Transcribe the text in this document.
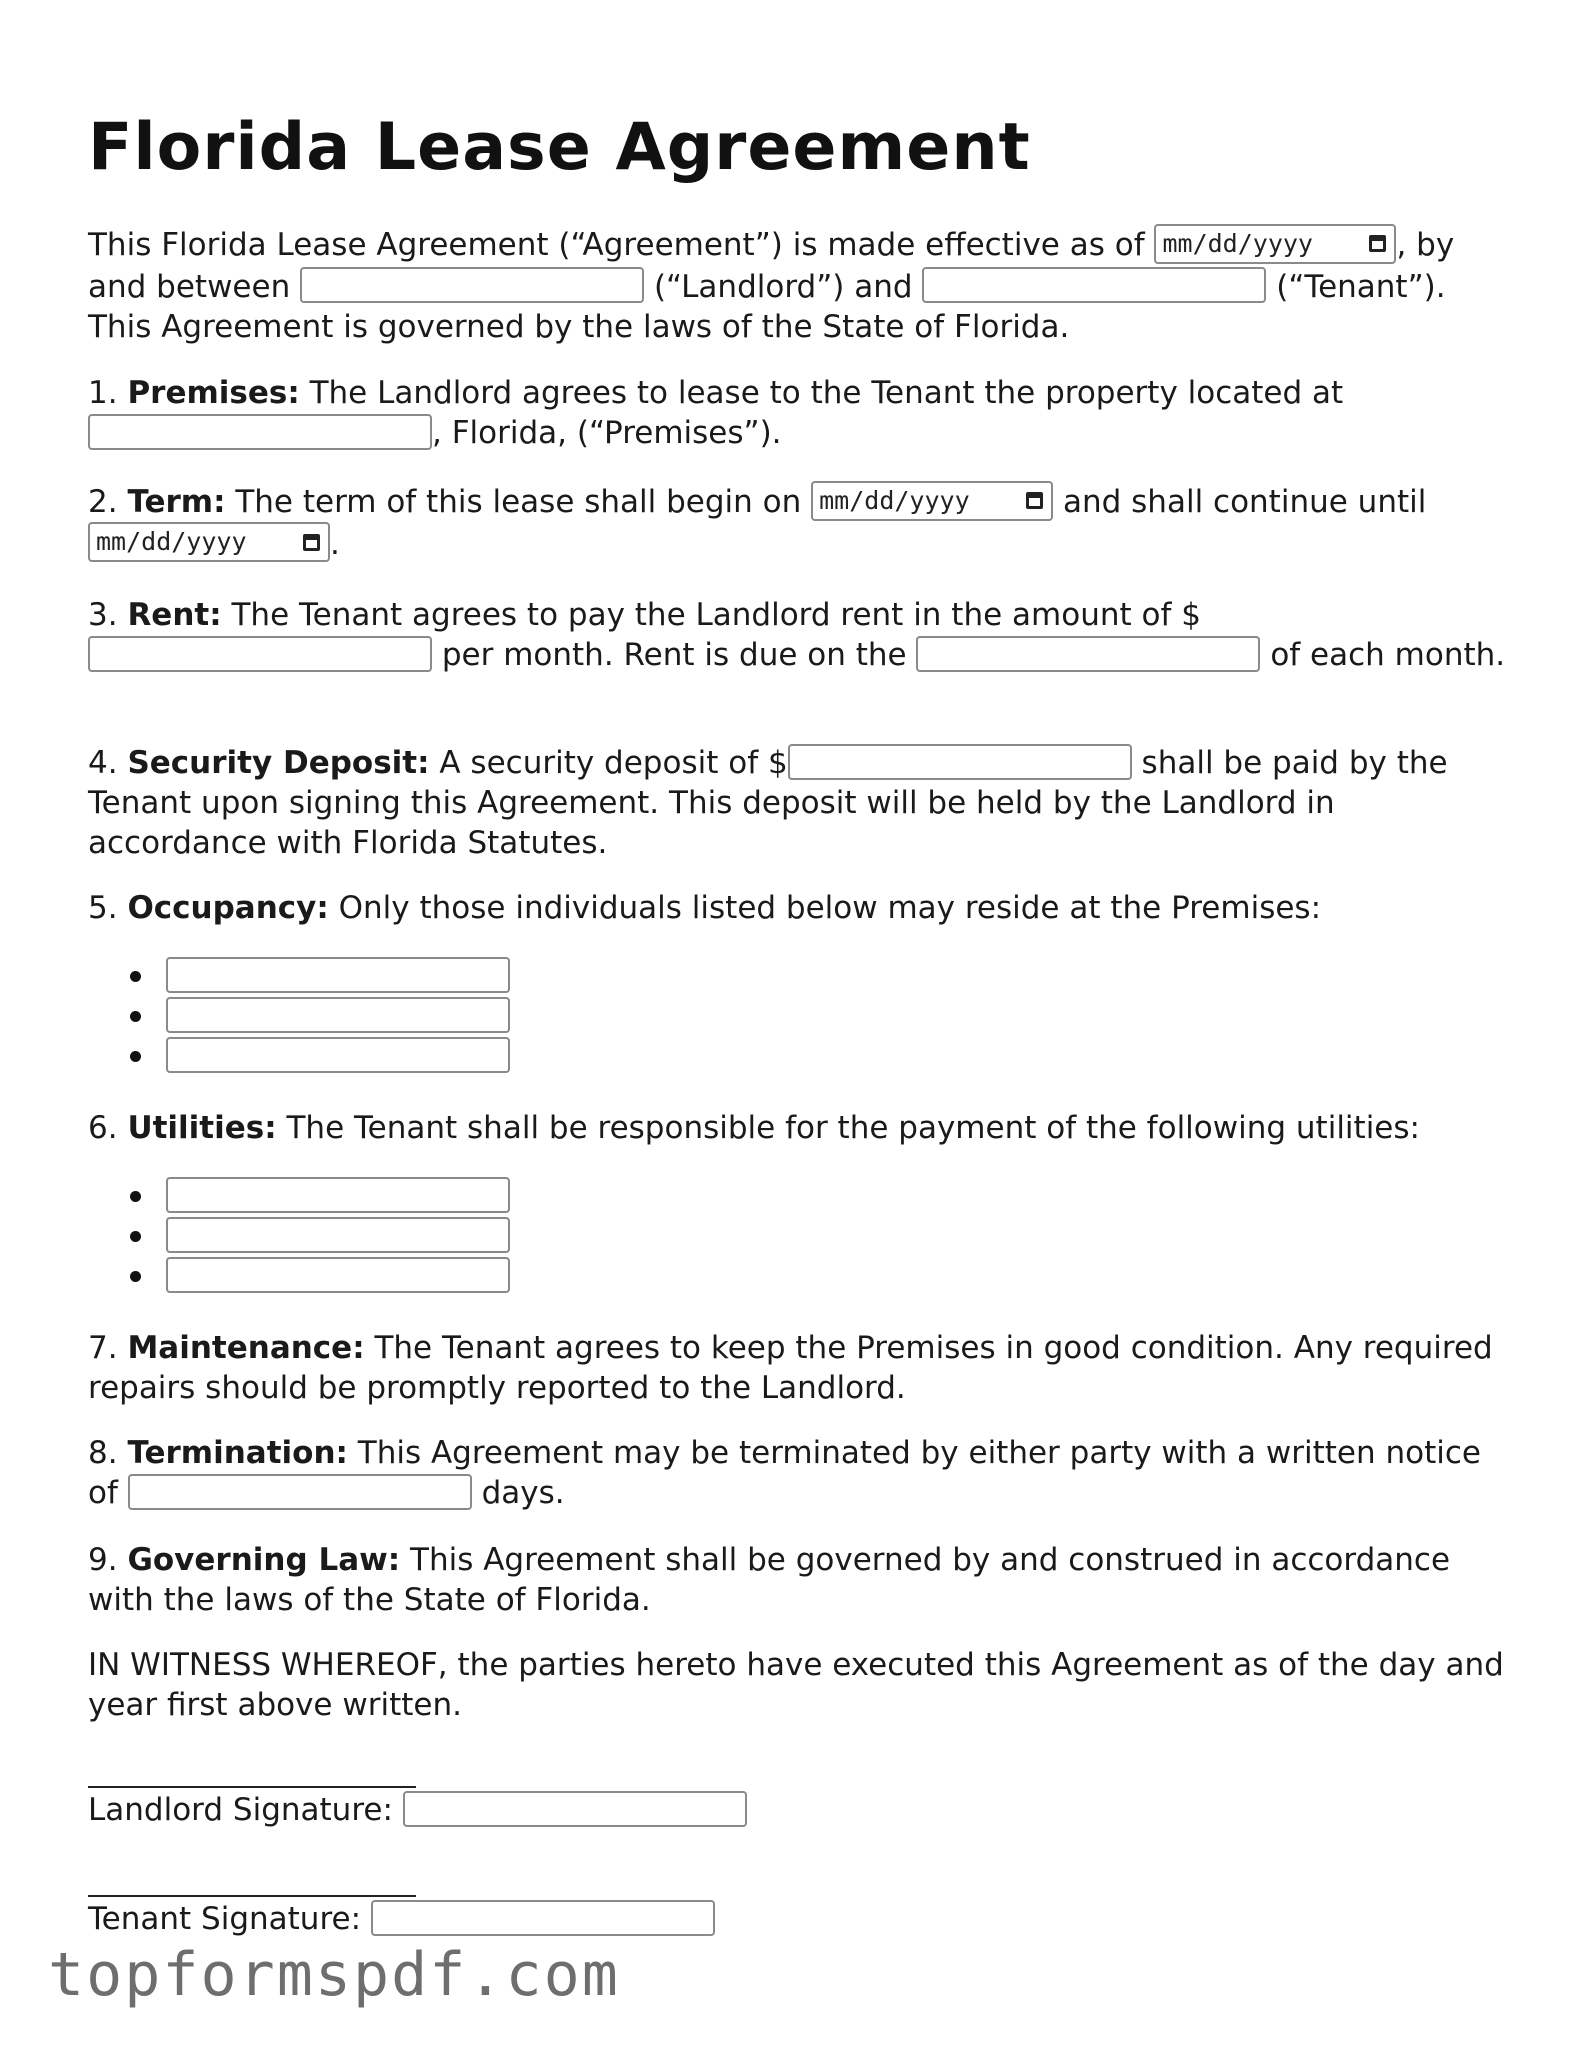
Florida Lease Agreement

This Florida Lease Agreement (“Agreement”) is made effective as of mm/dd/yyyy	, by and between	(“Landlord”) and	(“Tenant”). This Agreement is governed by the laws of the State of Florida.

1. Premises: The Landlord agrees to lease to the Tenant the property located at , Florida, (“Premises”).

2. Term: The term of this lease shall begin on mm/dd/yyyy	and shall continue until
mm/dd/yyyy	.

3. Rent: The Tenant agrees to pay the Landlord rent in the amount of $  per month. Rent is due on the	of each month.

4. Security Deposit: A security deposit of $	shall be paid by the Tenant upon signing this Agreement. This deposit will be held by the Landlord in accordance with Florida Statutes.

5. Occupancy: Only those individuals listed below may reside at the Premises:

6. Utilities: The Tenant shall be responsible for the payment of the following utilities:

7. Maintenance: The Tenant agrees to keep the Premises in good condition. Any required repairs should be promptly reported to the Landlord.

8. Termination: This Agreement may be terminated by either party with a written notice of	days.

9. Governing Law: This Agreement shall be governed by and construed in accordance with the laws of the State of Florida.

IN WITNESS WHEREOF, the parties hereto have executed this Agreement as of the day and year first above written.

Landlord Signature:

Tenant Signature:

topformspdf.com
